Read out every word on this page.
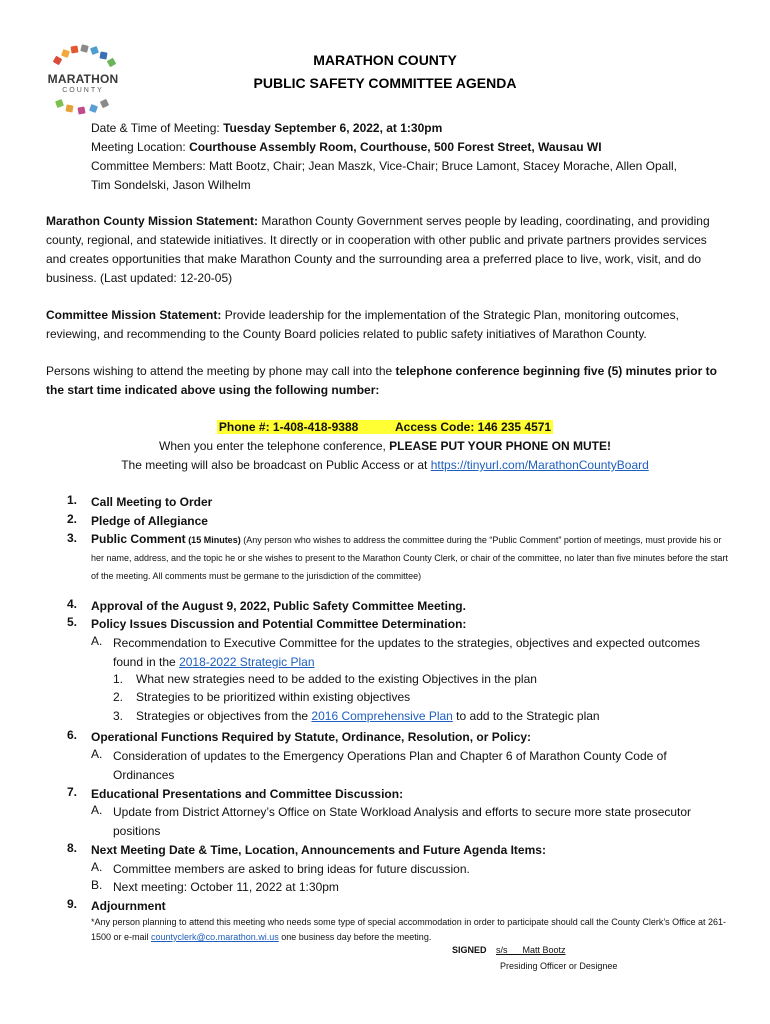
MARATHON
COUNTY
MARATHON COUNTY
PUBLIC SAFETY COMMITTEE AGENDA
Date & Time of Meeting: Tuesday September 6, 2022, at 1:30pm
Meeting Location: Courthouse Assembly Room, Courthouse, 500 Forest Street, Wausau WI
Committee Members: Matt Bootz, Chair; Jean Maszk, Vice-Chair; Bruce Lamont, Stacey Morache, Allen Opall,
Tim Sondelski, Jason Wilhelm
Marathon County Mission Statement: Marathon County Government serves people by leading, coordinating, and providing county, regional, and statewide initiatives. It directly or in cooperation with other public and private partners provides services and creates opportunities that make Marathon County and the surrounding area a preferred place to live, work, visit, and do business. (Last updated: 12-20-05)
Committee Mission Statement: Provide leadership for the implementation of the Strategic Plan, monitoring outcomes, reviewing, and recommending to the County Board policies related to public safety initiatives of Marathon County.
Persons wishing to attend the meeting by phone may call into the telephone conference beginning five (5) minutes prior to the start time indicated above using the following number:
Phone #: 1-408-418-9388	Access Code: 146 235 4571
When you enter the telephone conference, PLEASE PUT YOUR PHONE ON MUTE!
The meeting will also be broadcast on Public Access or at https://tinyurl.com/MarathonCountyBoard
1. Call Meeting to Order
2. Pledge of Allegiance
3. Public Comment (15 Minutes) (Any person who wishes to address the committee during the “Public Comment” portion of meetings, must provide his or her name, address, and the topic he or she wishes to present to the Marathon County Clerk, or chair of the committee, no later than five minutes before the start of the meeting. All comments must be germane to the jurisdiction of the committee)
4. Approval of the August 9, 2022, Public Safety Committee Meeting.
5. Policy Issues Discussion and Potential Committee Determination:
A. Recommendation to Executive Committee for the updates to the strategies, objectives and expected outcomes found in the 2018-2022 Strategic Plan
1. What new strategies need to be added to the existing Objectives in the plan
2. Strategies to be prioritized within existing objectives
3. Strategies or objectives from the 2016 Comprehensive Plan to add to the Strategic plan
6. Operational Functions Required by Statute, Ordinance, Resolution, or Policy:
A. Consideration of updates to the Emergency Operations Plan and Chapter 6 of Marathon County Code of Ordinances
7. Educational Presentations and Committee Discussion:
A. Update from District Attorney’s Office on State Workload Analysis and efforts to secure more state prosecutor positions
8. Next Meeting Date & Time, Location, Announcements and Future Agenda Items:
A. Committee members are asked to bring ideas for future discussion.
B. Next meeting: October 11, 2022 at 1:30pm
9. Adjournment
*Any person planning to attend this meeting who needs some type of special accommodation in order to participate should call the County Clerk’s Office at 261-1500 or e-mail countyclerk@co.marathon.wi.us one business day before the meeting.
SIGNED s/s      Matt Bootz
Presiding Officer or Designee
